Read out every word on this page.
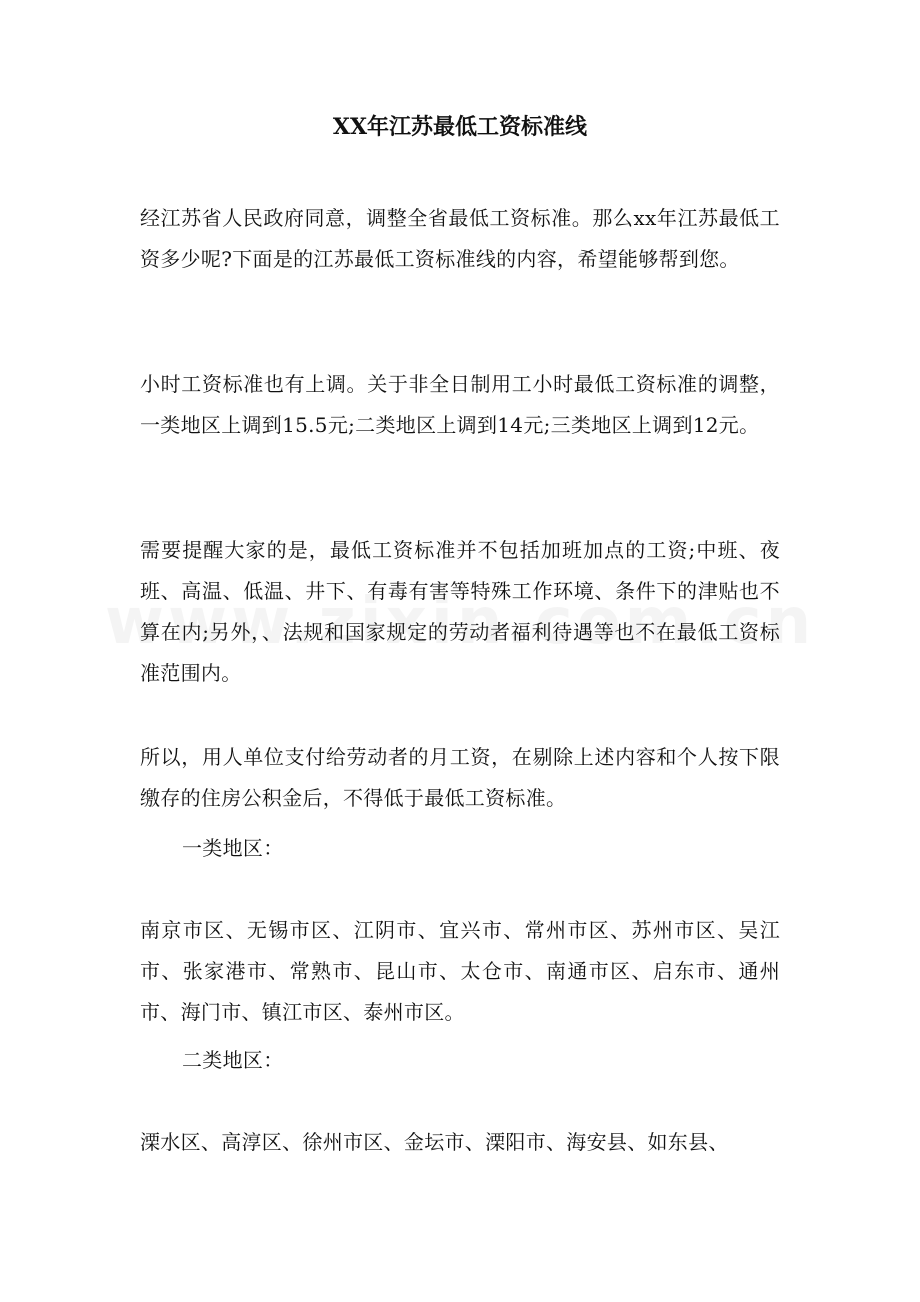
XX年江苏最低工资标准线

经江苏省人民政府同意，调整全省最低工资标准。那么xx年江苏最低工资多少呢?下面是的江苏最低工资标准线的内容，希望能够帮到您。

小时工资标准也有上调。关于非全日制用工小时最低工资标准的调整，一类地区上调到15.5元;二类地区上调到14元;三类地区上调到12元。

需要提醒大家的是，最低工资标准并不包括加班加点的工资;中班、夜班、高温、低温、井下、有毒有害等特殊工作环境、条件下的津贴也不算在内;另外，、法规和国家规定的劳动者福利待遇等也不在最低工资标准范围内。

所以，用人单位支付给劳动者的月工资，在剔除上述内容和个人按下限缴存的住房公积金后，不得低于最低工资标准。

一类地区：

南京市区、无锡市区、江阴市、宜兴市、常州市区、苏州市区、吴江市、张家港市、常熟市、昆山市、太仓市、南通市区、启东市、通州市、海门市、镇江市区、泰州市区。

二类地区：

溧水区、高淳区、徐州市区、金坛市、溧阳市、海安县、如东县、
